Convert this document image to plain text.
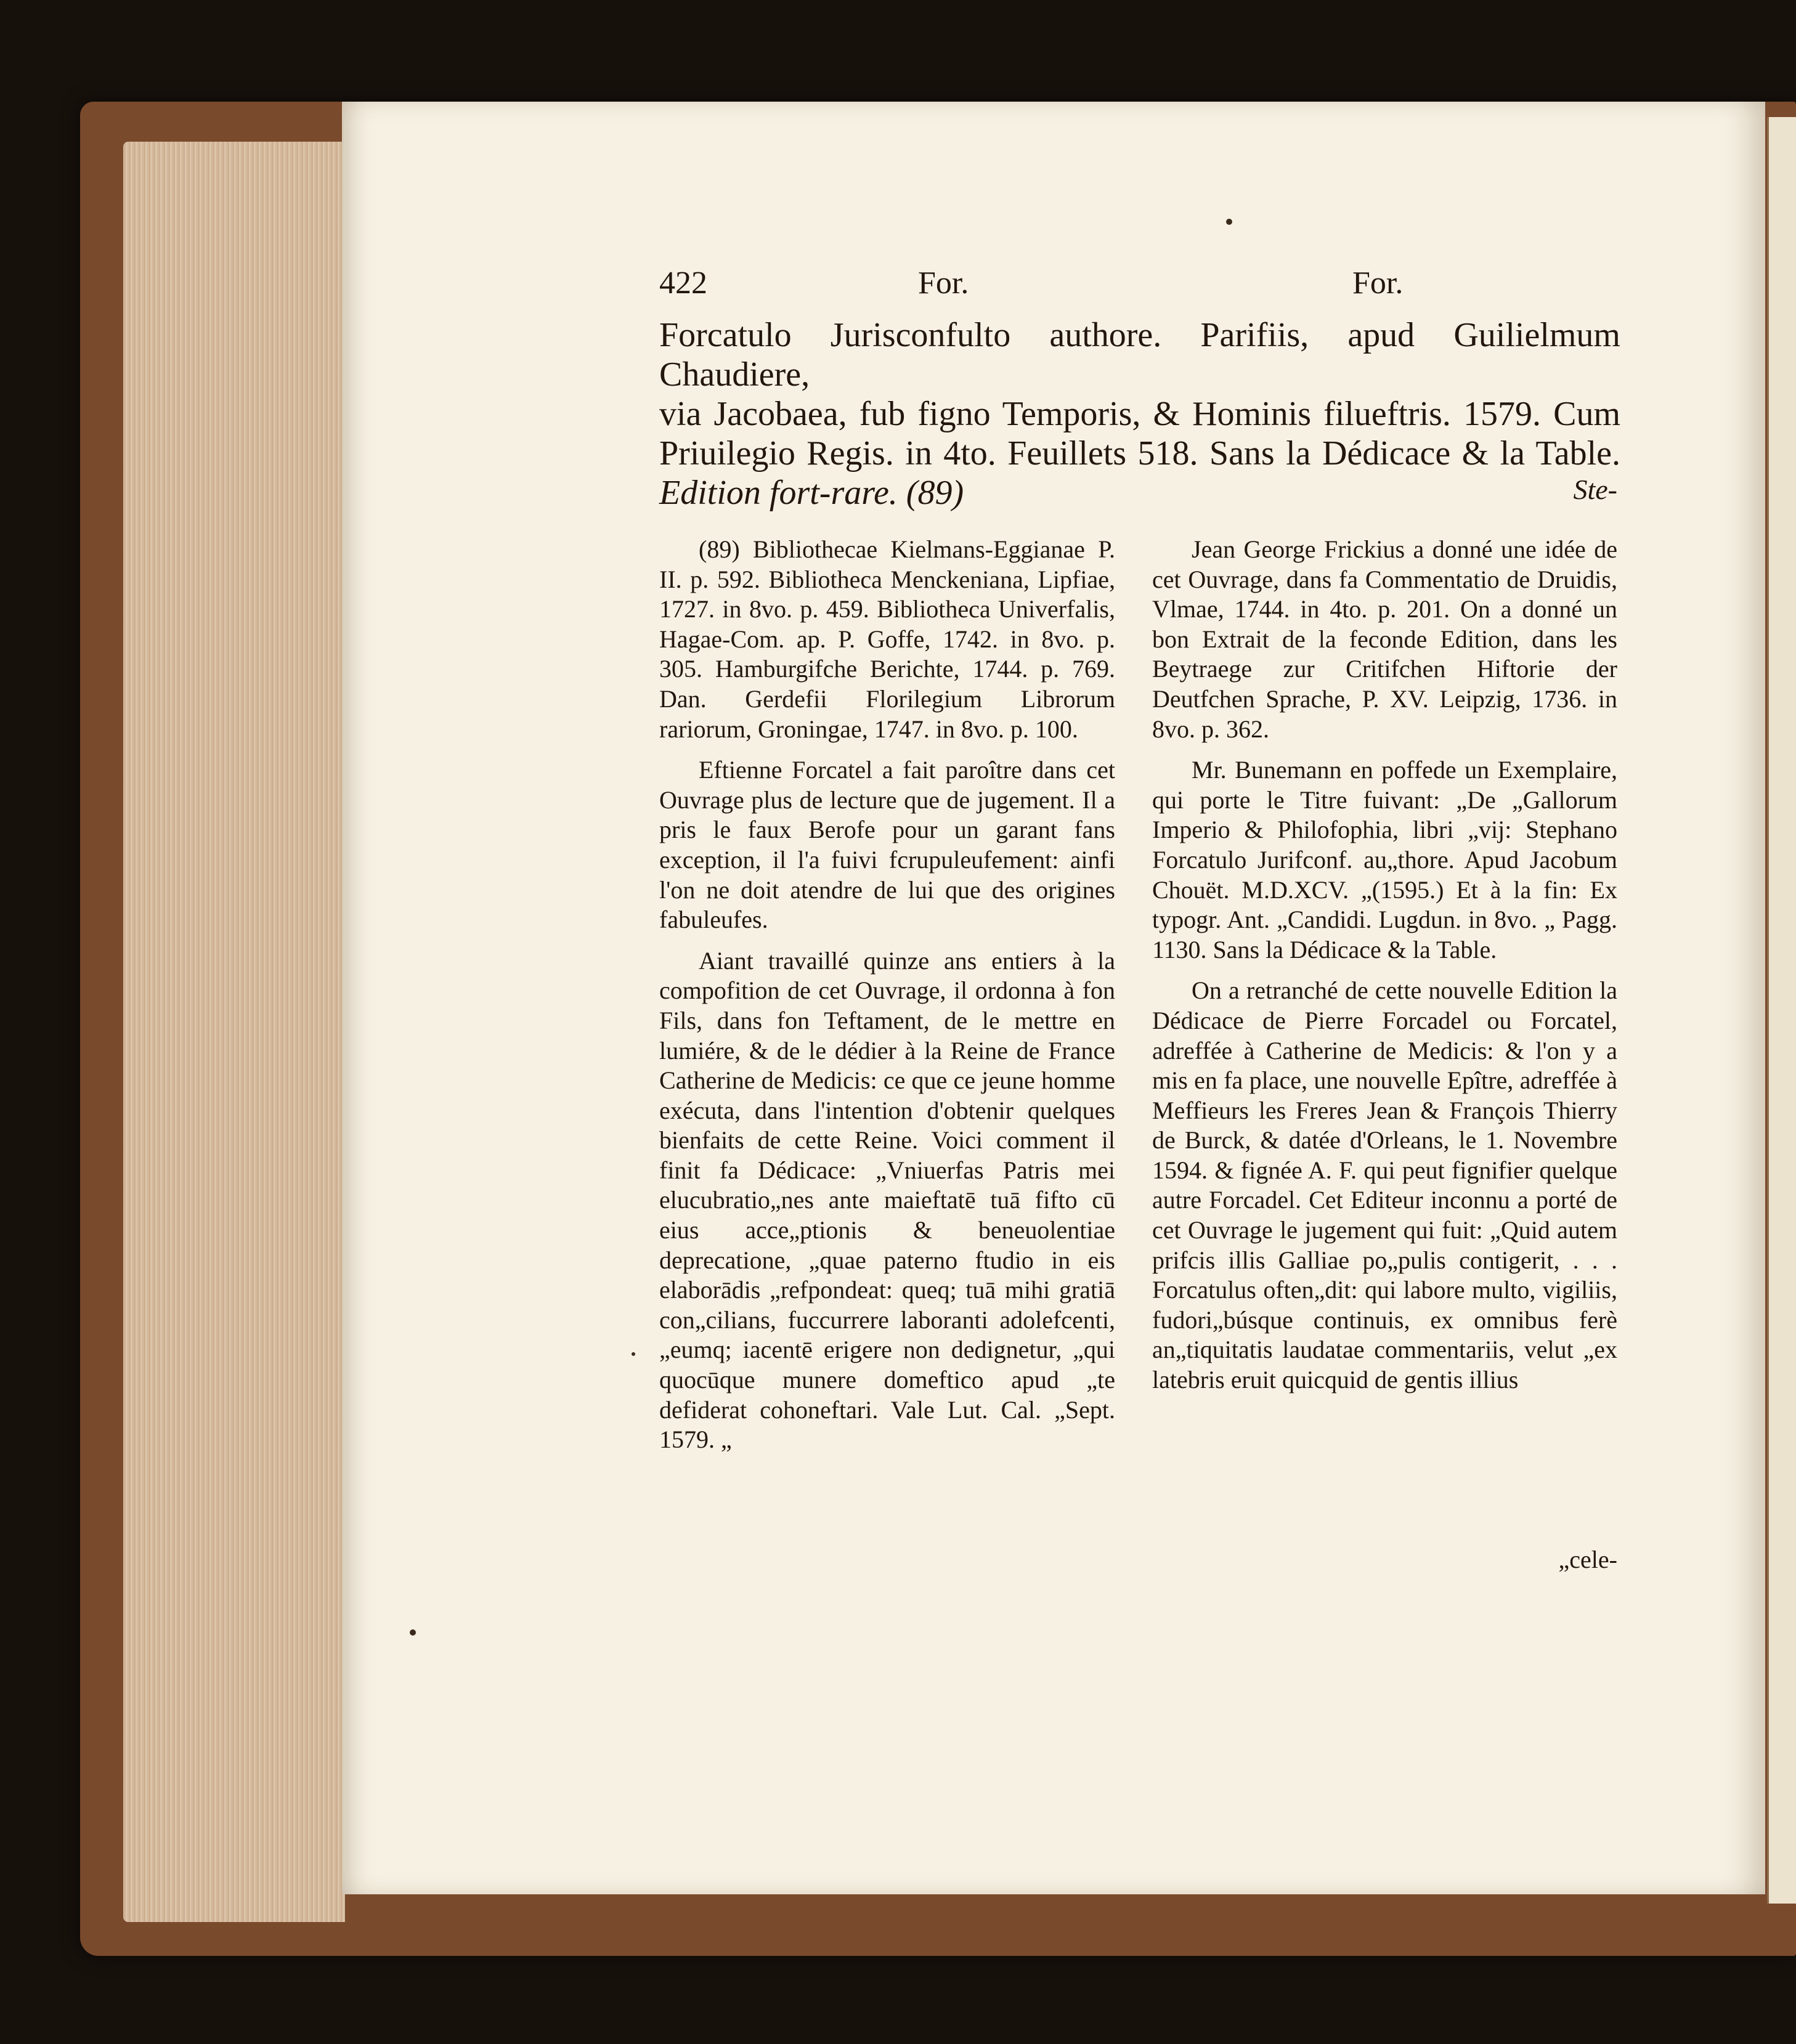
422	For.	For.
Forcatulo Jurisconfulto authore. Parifiis, apud Guilielmum Chaudiere,
via Jacobaea, fub figno Temporis, & Hominis filueftris. 1579. Cum
Priuilegio Regis. in 4to. Feuillets 518. Sans la Dédicace & la Table.
Edition fort-rare. (89)	Ste-

(89) Bibliothecae Kielmans-Eggianae P. II. p. 592. Bibliotheca Menckeniana, Lipfiae, 1727. in 8vo. p. 459. Bibliotheca Univerfalis, Hagae-Com. ap. P. Goffe, 1742. in 8vo. p. 305. Hamburgifche Berichte, 1744. p. 769. Dan. Gerdefii Florilegium Librorum rariorum, Groningae, 1747. in 8vo. p. 100.

Eftienne Forcatel a fait paroître dans cet Ouvrage plus de lecture que de jugement. Il a pris le faux Berofe pour un garant fans exception, il l'a fuivi fcrupuleufement: ainfi l'on ne doit atendre de lui que des origines fabuleufes.

Aiant travaillé quinze ans entiers à la compofition de cet Ouvrage, il ordonna à fon Fils, dans fon Teftament, de le mettre en lumiére, & de le dédier à la Reine de France Catherine de Medicis: ce que ce jeune homme exécuta, dans l'intention d'obtenir quelques bienfaits de cette Reine. Voici comment il finit fa Dédicace: „Vniuerfas Patris mei elucubratio„nes ante maieftatē tuā fifto cū eius acce„ptionis & beneuolentiae deprecatione, „quae paterno ftudio in eis elaborādis „refpondeat: queq; tuā mihi gratiā con„cilians, fuccurrere laboranti adolefcenti, „eumq; iacentē erigere non dedignetur, „qui quocūque munere domeftico apud „te defiderat cohoneftari. Vale Lut. Cal. „Sept. 1579. „

Jean George Frickius a donné une idée de cet Ouvrage, dans fa Commentatio de Druidis, Vlmae, 1744. in 4to. p. 201. On a donné un bon Extrait de la feconde Edition, dans les Beytraege zur Critifchen Hiftorie der Deutfchen Sprache, P. XV. Leipzig, 1736. in 8vo. p. 362.

Mr. Bunemann en poffede un Exemplaire, qui porte le Titre fuivant: „De „Gallorum Imperio & Philofophia, libri „vij: Stephano Forcatulo Jurifconf. au„thore. Apud Jacobum Chouët. M.D.XCV. „(1595.) Et à la fin: Ex typogr. Ant. „Candidi. Lugdun. in 8vo. „ Pagg. 1130. Sans la Dédicace & la Table.

On a retranché de cette nouvelle Edition la Dédicace de Pierre Forcadel ou Forcatel, adreffée à Catherine de Medicis: & l'on y a mis en fa place, une nouvelle Epître, adreffée à Meffieurs les Freres Jean & François Thierry de Burck, & datée d'Orleans, le 1. Novembre 1594. & fignée A. F. qui peut fignifier quelque autre Forcadel. Cet Editeur inconnu a porté de cet Ouvrage le jugement qui fuit: „Quid autem prifcis illis Galliae po„pulis contigerit, . . . Forcatulus often„dit: qui labore multo, vigiliis, fudori„búsque continuis, ex omnibus ferè an„tiquitatis laudatae commentariis, velut „ex latebris eruit quicquid de gentis illius

„cele-
